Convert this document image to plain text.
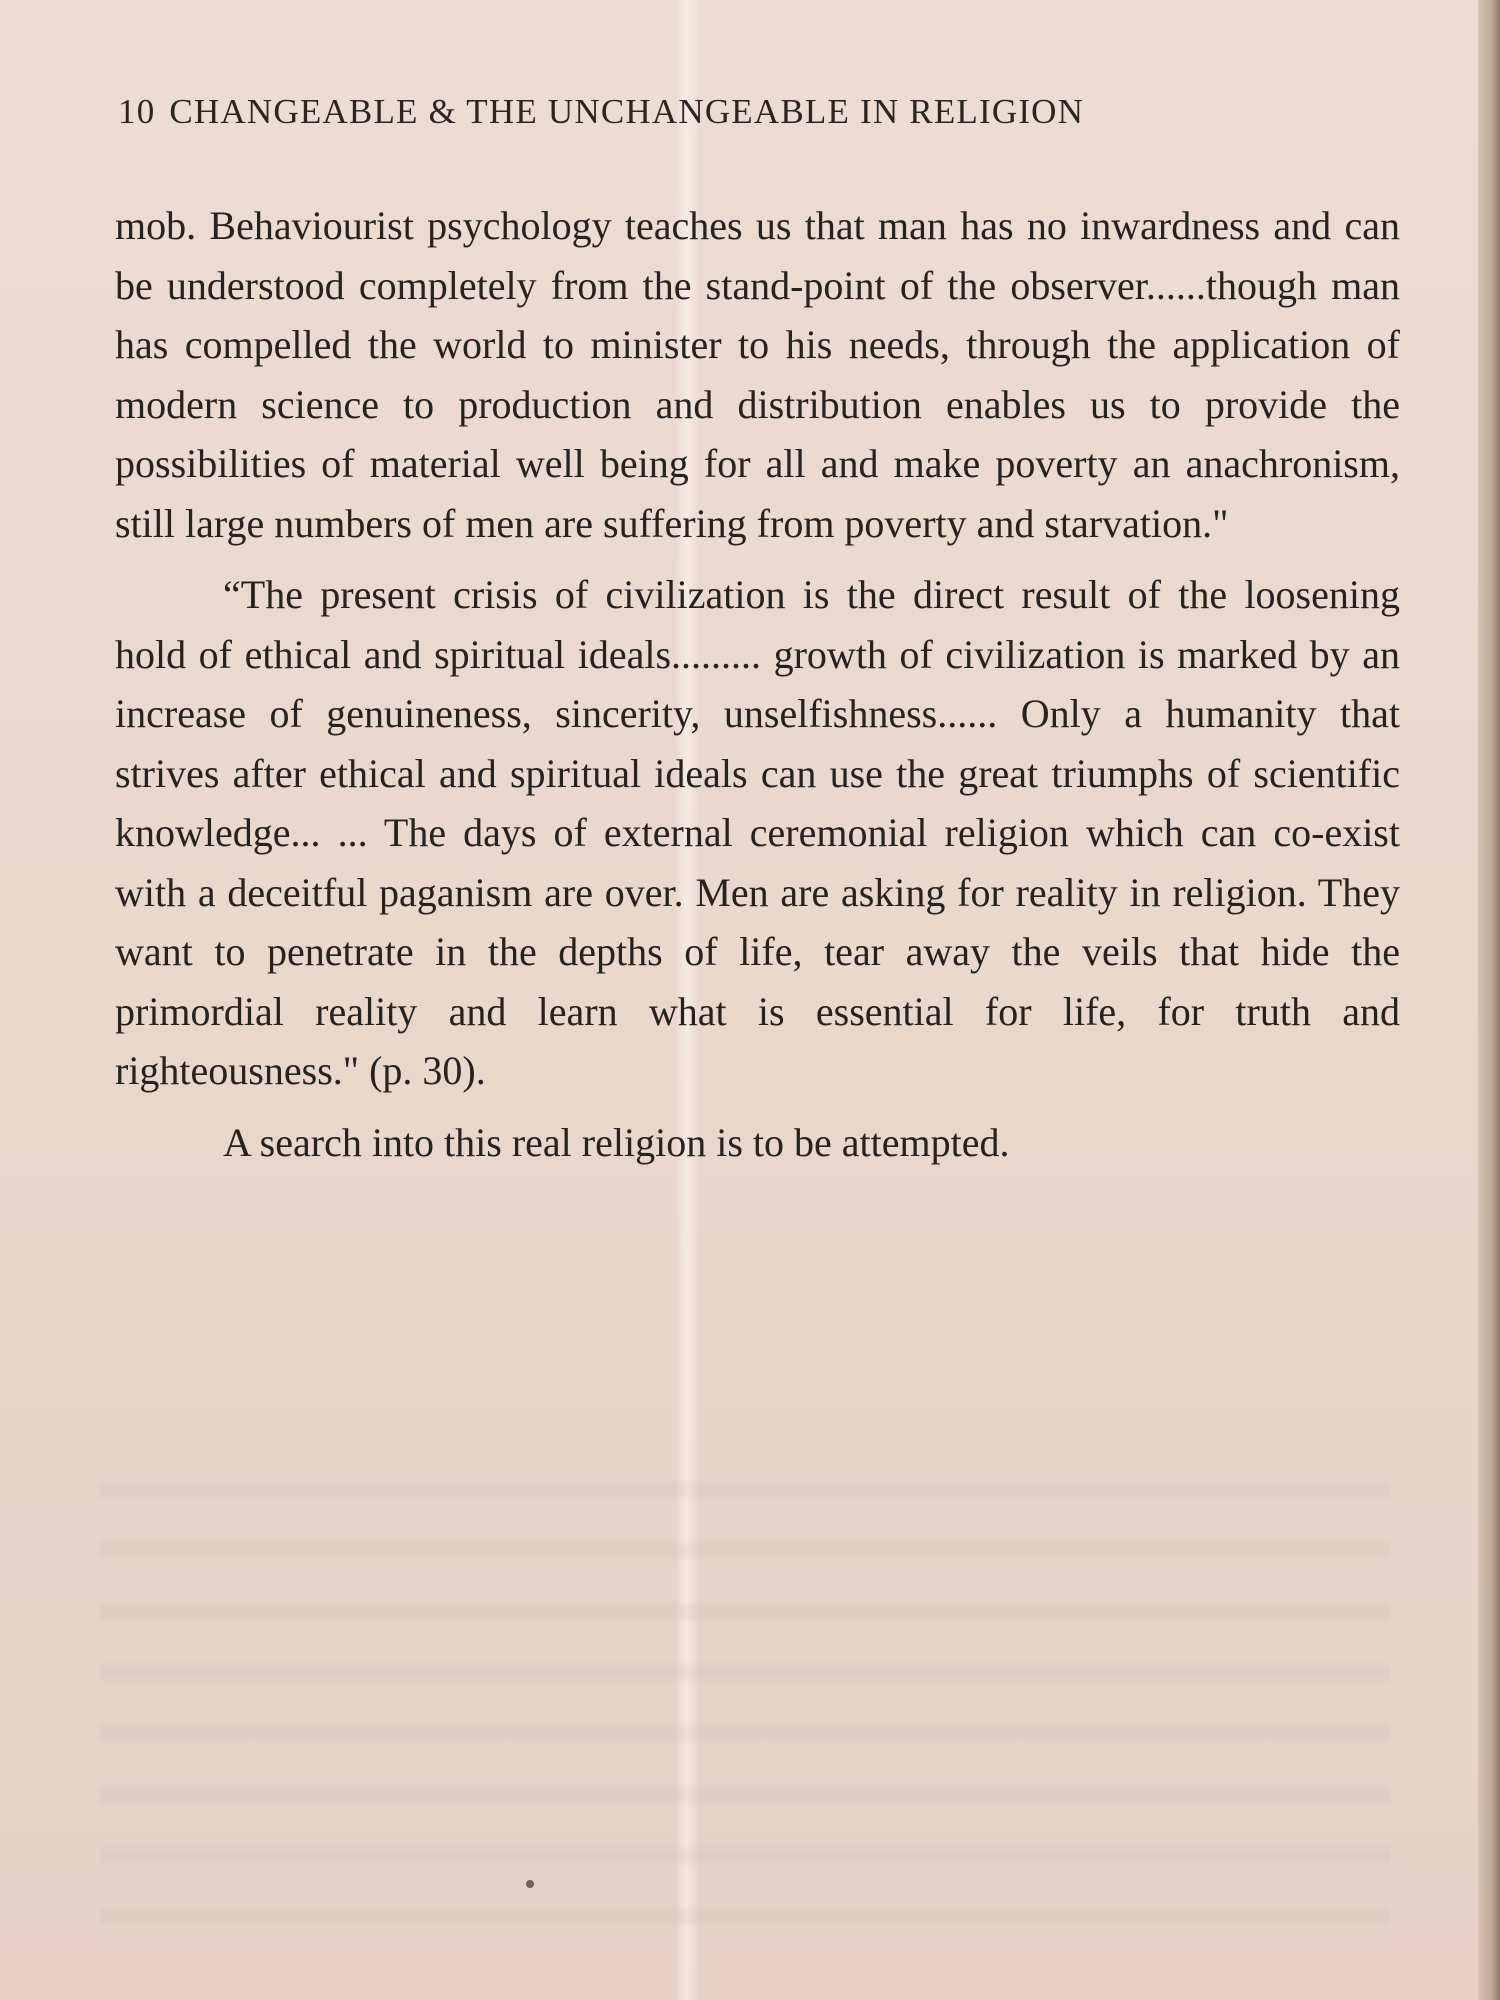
10 CHANGEABLE & THE UNCHANGEABLE IN RELIGION

mob. Behaviourist psychology teaches us that man has no inwardness and can be understood completely from the stand-point of the observer......though man has compelled the world to minister to his needs, through the application of modern science to production and distribution enables us to provide the possibilities of material well being for all and make poverty an anachronism, still large numbers of men are suffering from poverty and starvation."

“The present crisis of civilization is the direct result of the loosening hold of ethical and spiritual ideals......... growth of civilization is marked by an increase of genuineness, sincerity, unselfishness...... Only a humanity that strives after ethical and spiritual ideals can use the great triumphs of scientific knowledge... ... The days of external ceremonial religion which can co-exist with a deceitful paganism are over. Men are asking for reality in religion. They want to penetrate in the depths of life, tear away the veils that hide the primordial reality and learn what is essential for life, for truth and righteousness." (p. 30).

A search into this real religion is to be attempted.
